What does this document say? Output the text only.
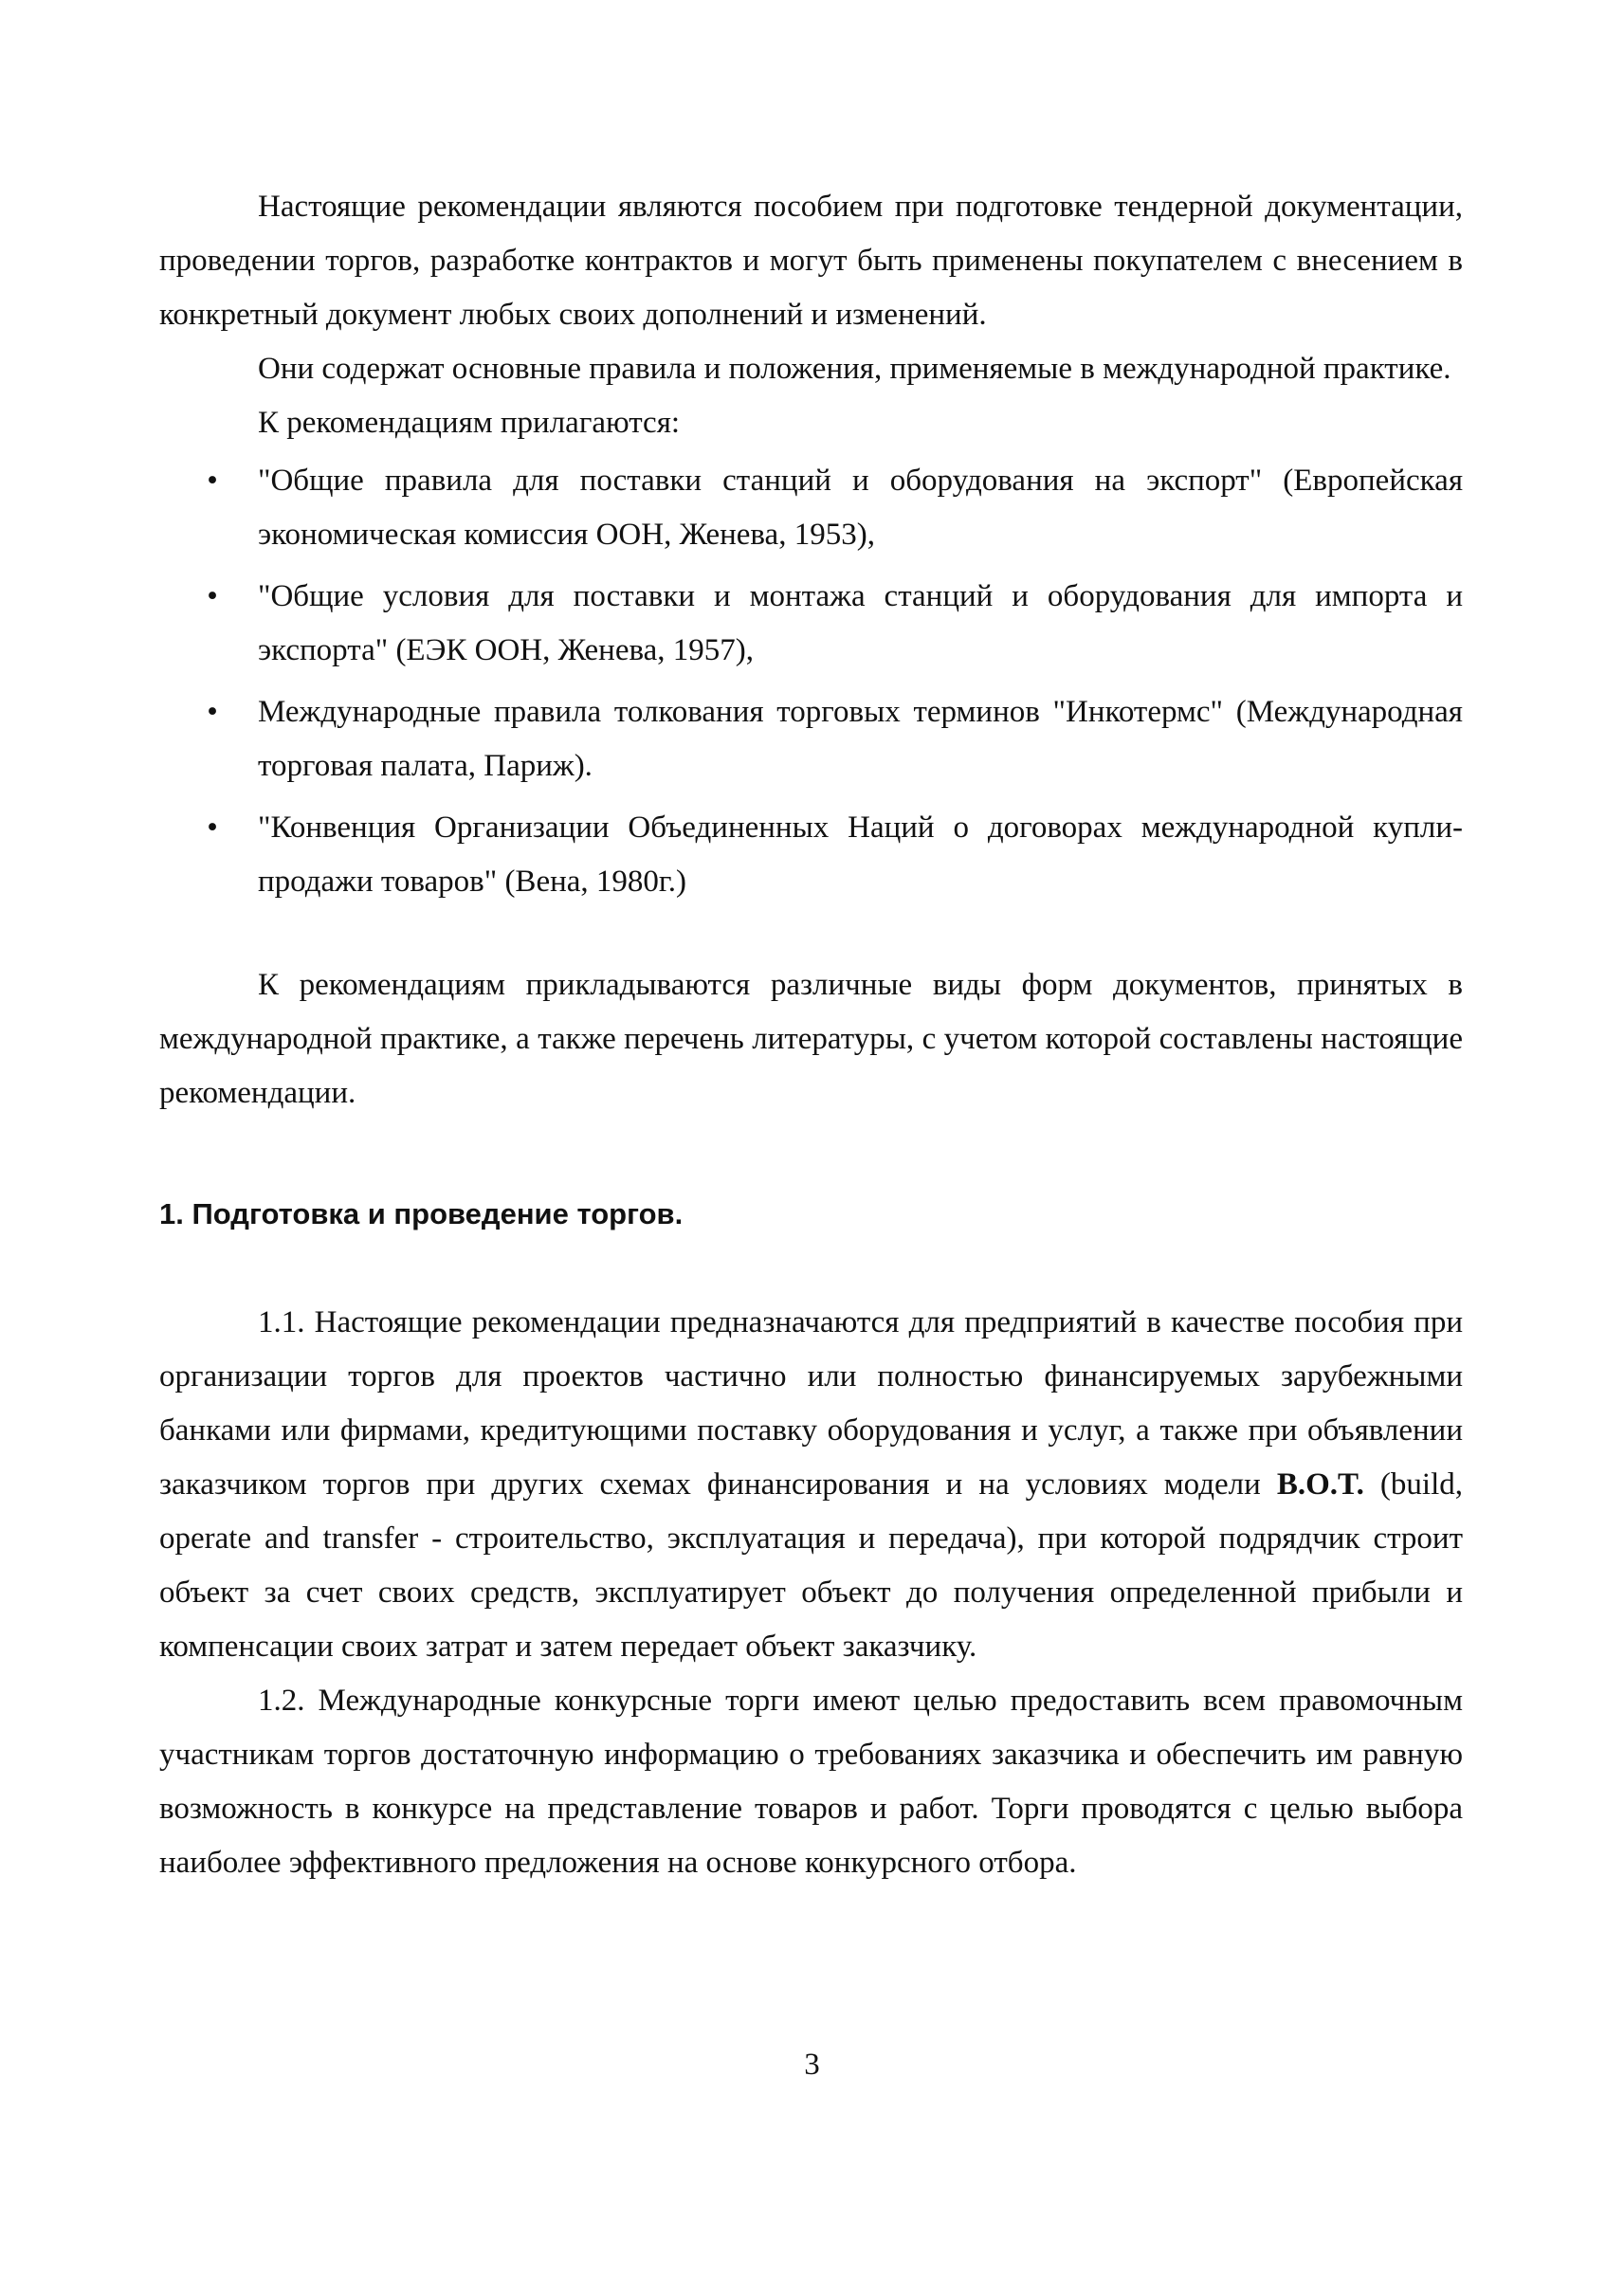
Настоящие рекомендации являются пособием при подготовке тендерной документации, проведении торгов, разработке контрактов и могут быть применены покупателем с внесением в конкретный документ любых своих дополнений и изменений.

Они содержат основные правила и положения, применяемые в международной практике.

К рекомендациям прилагаются:

• "Общие правила для поставки станций и оборудования на экспорт" (Европейская экономическая комиссия ООН, Женева, 1953),
• "Общие условия для поставки и монтажа станций и оборудования для импорта и экспорта" (ЕЭК ООН, Женева, 1957),
• Международные правила толкования торговых терминов "Инкотермс" (Международная торговая палата, Париж).
• "Конвенция Организации Объединенных Наций о договорах международной купли-продажи товаров" (Вена, 1980г.)

К рекомендациям прикладываются различные виды форм документов, принятых в международной практике, а также перечень литературы, с учетом которой составлены настоящие рекомендации.

1. Подготовка и проведение торгов.

1.1. Настоящие рекомендации предназначаются для предприятий в качестве пособия при организации торгов для проектов частично или полностью финансируемых зарубежными банками или фирмами, кредитующими поставку оборудования и услуг, а также при объявлении заказчиком торгов при других схемах финансирования и на условиях модели B.O.T. (build, operate and transfer - строительство, эксплуатация и передача), при которой подрядчик строит объект за счет своих средств, эксплуатирует объект до получения определенной прибыли и компенсации своих затрат и затем передает объект заказчику.

1.2. Международные конкурсные торги имеют целью предоставить всем правомочным участникам торгов достаточную информацию о требованиях заказчика и обеспечить им равную возможность в конкурсе на представление товаров и работ. Торги проводятся с целью выбора наиболее эффективного предложения на основе конкурсного отбора.

3
